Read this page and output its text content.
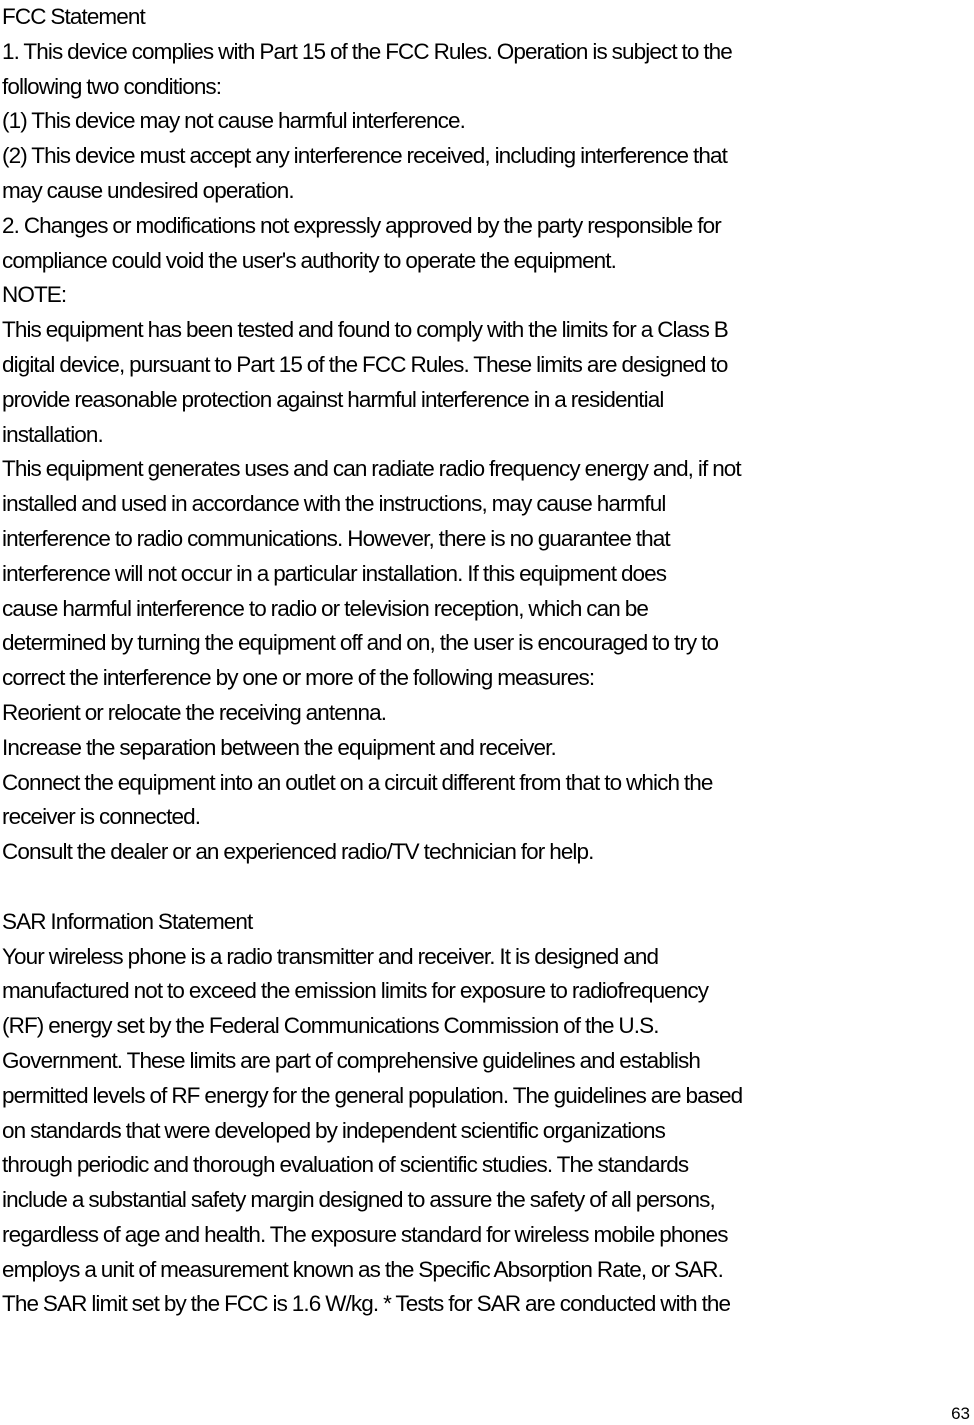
FCC Statement
1. This device complies with Part 15 of the FCC Rules. Operation is subject to the
following two conditions:
(1) This device may not cause harmful interference.
(2) This device must accept any interference received, including interference that
may cause undesired operation.
2. Changes or modifications not expressly approved by the party responsible for
compliance could void the user's authority to operate the equipment.
NOTE:
This equipment has been tested and found to comply with the limits for a Class B
digital device, pursuant to Part 15 of the FCC Rules. These limits are designed to
provide reasonable protection against harmful interference in a residential
installation.
This equipment generates uses and can radiate radio frequency energy and, if not
installed and used in accordance with the instructions, may cause harmful
interference to radio communications. However, there is no guarantee that
interference will not occur in a particular installation. If this equipment does
cause harmful interference to radio or television reception, which can be
determined by turning the equipment off and on, the user is encouraged to try to
correct the interference by one or more of the following measures:
Reorient or relocate the receiving antenna.
Increase the separation between the equipment and receiver.
Connect the equipment into an outlet on a circuit different from that to which the
receiver is connected.
Consult the dealer or an experienced radio/TV technician for help.
SAR Information Statement
Your wireless phone is a radio transmitter and receiver. It is designed and
manufactured not to exceed the emission limits for exposure to radiofrequency
(RF) energy set by the Federal Communications Commission of the U.S.
Government. These limits are part of comprehensive guidelines and establish
permitted levels of RF energy for the general population. The guidelines are based
on standards that were developed by independent scientific organizations
through periodic and thorough evaluation of scientific studies. The standards
include a substantial safety margin designed to assure the safety of all persons,
regardless of age and health. The exposure standard for wireless mobile phones
employs a unit of measurement known as the Specific Absorption Rate, or SAR.
The SAR limit set by the FCC is 1.6 W/kg. * Tests for SAR are conducted with the
63
